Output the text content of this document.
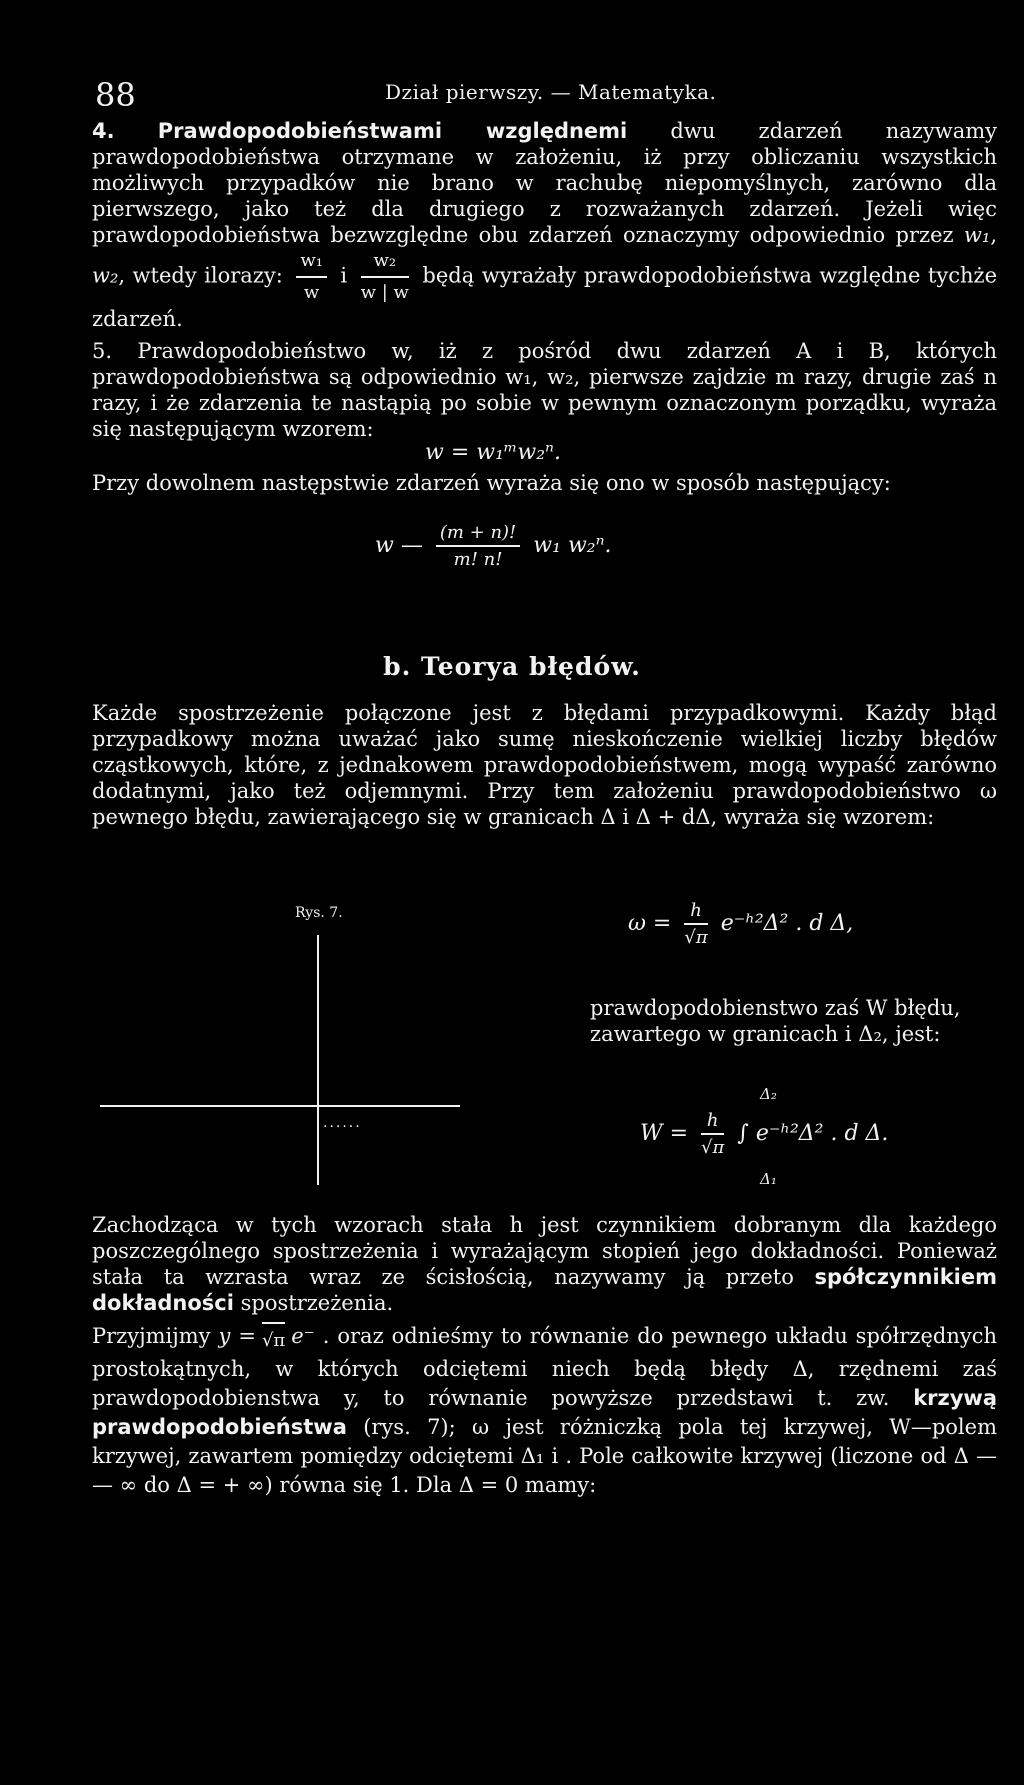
88	Dział pierwszy. — Matematyka.

4. Prawdopodobieństwami względnemi dwu zdarzeń nazywamy prawdopodobieństwa otrzymane w założeniu, iż przy obliczaniu wszystkich możliwych przypadków nie brano w rachubę niepomyślnych, zarówno dla pierwszego, jako też dla drugiego z rozważanych zdarzeń. Jeżeli więc prawdopodobieństwa bezwzględne obu zdarzeń oznaczymy odpowiednio przez w₁, w₂, wtedy ilorazy: $\frac{\text{w₁}}{w}$ i $\frac{\text{w₂}}{w | w}$ będą wyrażały prawdopodobieństwa względne tychże zdarzeń.

5. Prawdopodobieństwo w, iż z pośród dwu zdarzeń A i B, których prawdopodobieństwa są odpowiednio w₁, w₂, pierwsze zajdzie m razy, drugie zaś n razy, i że zdarzenia te nastąpią po sobie w pewnym oznaczonym porządku, wyraża się następującym wzorem:

w = w₁ᵐw₂ⁿ.

Przy dowolnem następstwie zdarzeń wyraża się ono w sposób następujący:

w — $\frac{(m + n)!}{m! n!} w_1$ w₂ⁿ.
b. Teorya błędów.

Każde spostrzeżenie połączone jest z błędami przypadkowymi. Każdy błąd przypadkowy można uważać jako sumę nieskończenie wielkiej liczby błędów cząstkowych, które, z jednakowem prawdopodobieństwem, mogą wypaść zarówno dodatnymi, jako też odjemnymi. Przy tem założeniu prawdopodobieństwo ω pewnego błędu, zawierającego się w granicach Δ i Δ + dΔ, wyraża się wzorem:

Rys. 7.
......
$\omega = \frac{h}{√\pi}$ e⁻ʰ²Δ² . d Δ,
prawdopodobienstwo zaś W błędu, zawartego w granicach i Δ₂, jest:
Δ₂
$W = \frac{h}{√\pi}$ ∫ e⁻ʰ²Δ² . d Δ.
Δ₁

Zachodząca w tych wzorach stała h jest czynnikiem dobranym dla każdego poszczególnego spostrzeżenia i wyrażającym stopień jego dokładności. Ponieważ stała ta wzrasta wraz ze ścisłością, nazywamy ją przeto spółczynnikiem dokładności spostrzeżenia.

Przyjmijmy y = √π e⁻ . oraz odnieśmy to równanie do pewnego układu spółrzędnych prostokątnych, w których odciętemi niech będą błędy Δ, rzędnemi zaś prawdopodobienstwa y, to równanie powyższe przedstawi t. zw. krzywą prawdopodobieństwa (rys. 7); ω jest różniczką pola tej krzywej, W—polem krzywej, zawartem pomiędzy odciętemi Δ₁ i . Pole całkowite krzywej (liczone od Δ — — ∞ do Δ = + ∞) równa się 1. Dla Δ = 0 mamy:
